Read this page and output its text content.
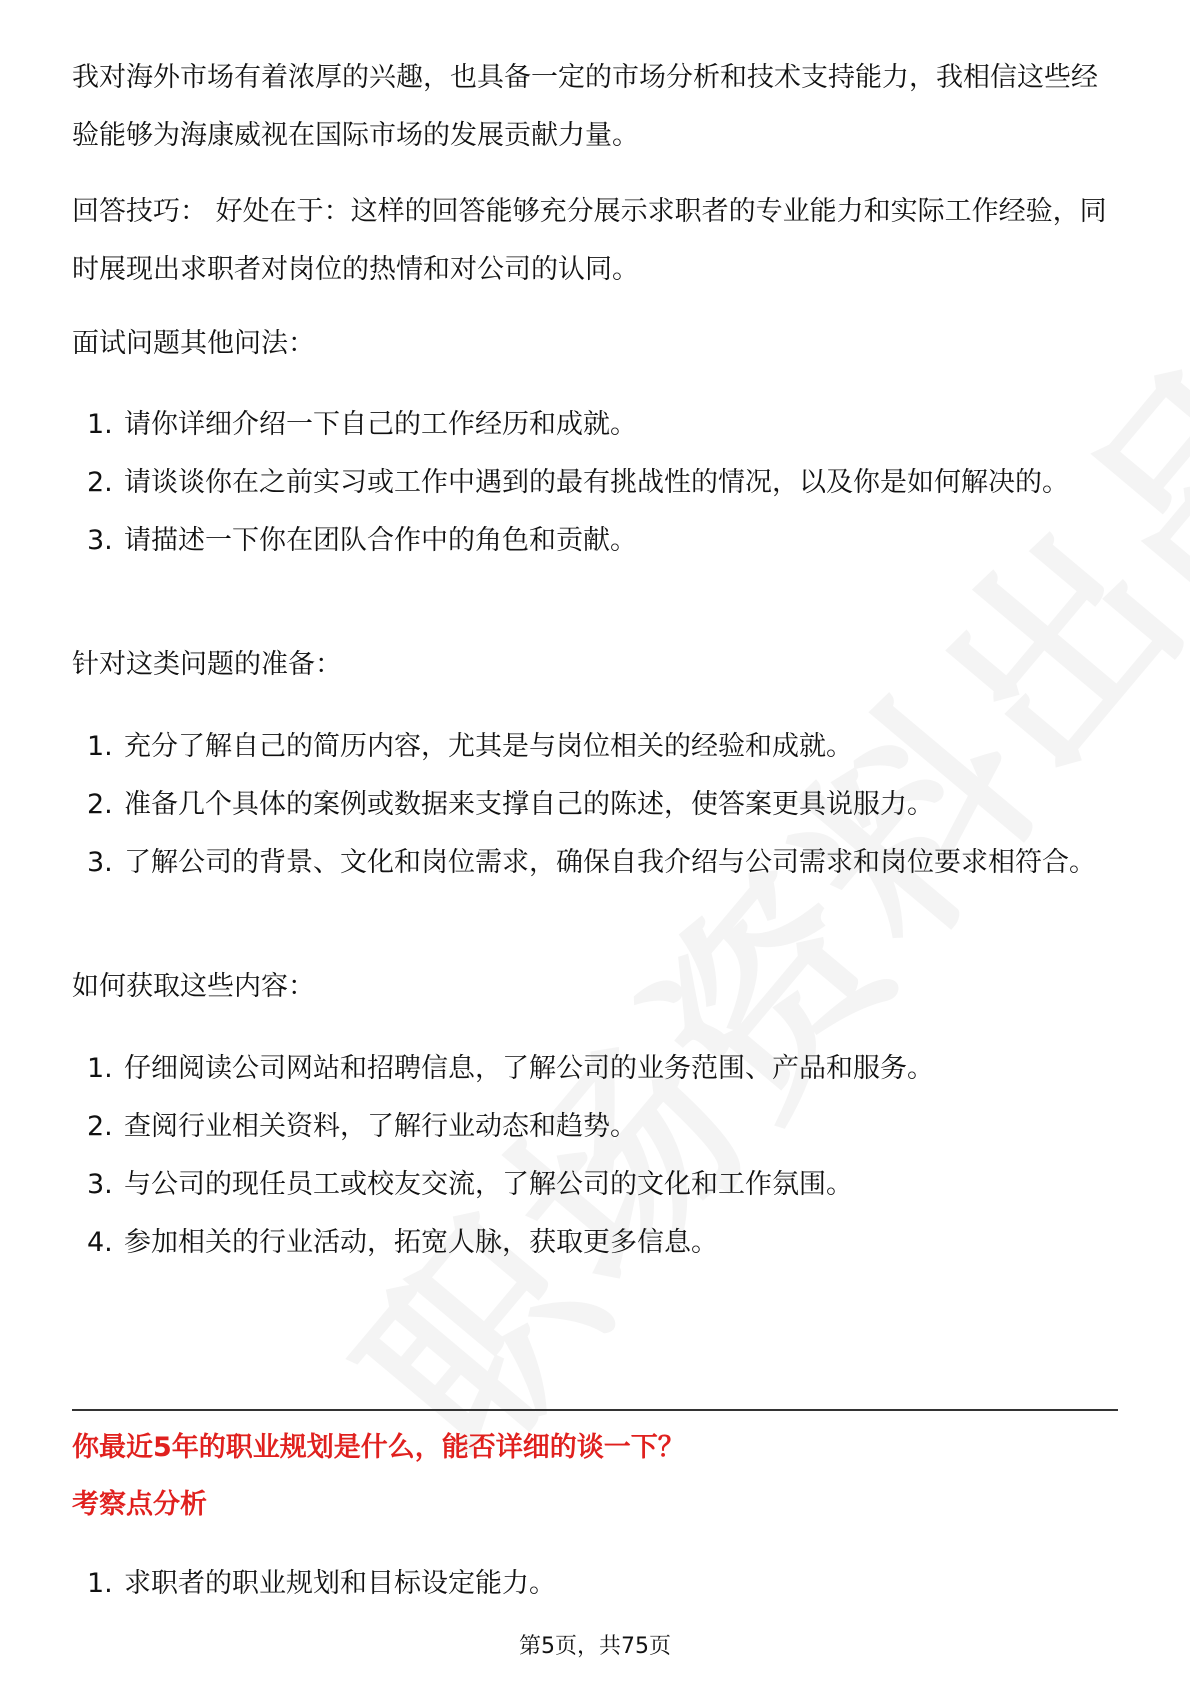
我对海外市场有着浓厚的兴趣，也具备一定的市场分析和技术支持能力，我相信这些经验能够为海康威视在国际市场的发展贡献力量。

回答技巧： 好处在于：这样的回答能够充分展示求职者的专业能力和实际工作经验，同时展现出求职者对岗位的热情和对公司的认同。

面试问题其他问法：

1. 请你详细介绍一下自己的工作经历和成就。
2. 请谈谈你在之前实习或工作中遇到的最有挑战性的情况，以及你是如何解决的。
3. 请描述一下你在团队合作中的角色和贡献。

针对这类问题的准备：

1. 充分了解自己的简历内容，尤其是与岗位相关的经验和成就。
2. 准备几个具体的案例或数据来支撑自己的陈述，使答案更具说服力。
3. 了解公司的背景、文化和岗位需求，确保自我介绍与公司需求和岗位要求相符合。

如何获取这些内容：

1. 仔细阅读公司网站和招聘信息，了解公司的业务范围、产品和服务。
2. 查阅行业相关资料，了解行业动态和趋势。
3. 与公司的现任员工或校友交流，了解公司的文化和工作氛围。
4. 参加相关的行业活动，拓宽人脉，获取更多信息。

你最近5年的职业规划是什么，能否详细的谈一下？

考察点分析

1. 求职者的职业规划和目标设定能力。
第5页，共75页
